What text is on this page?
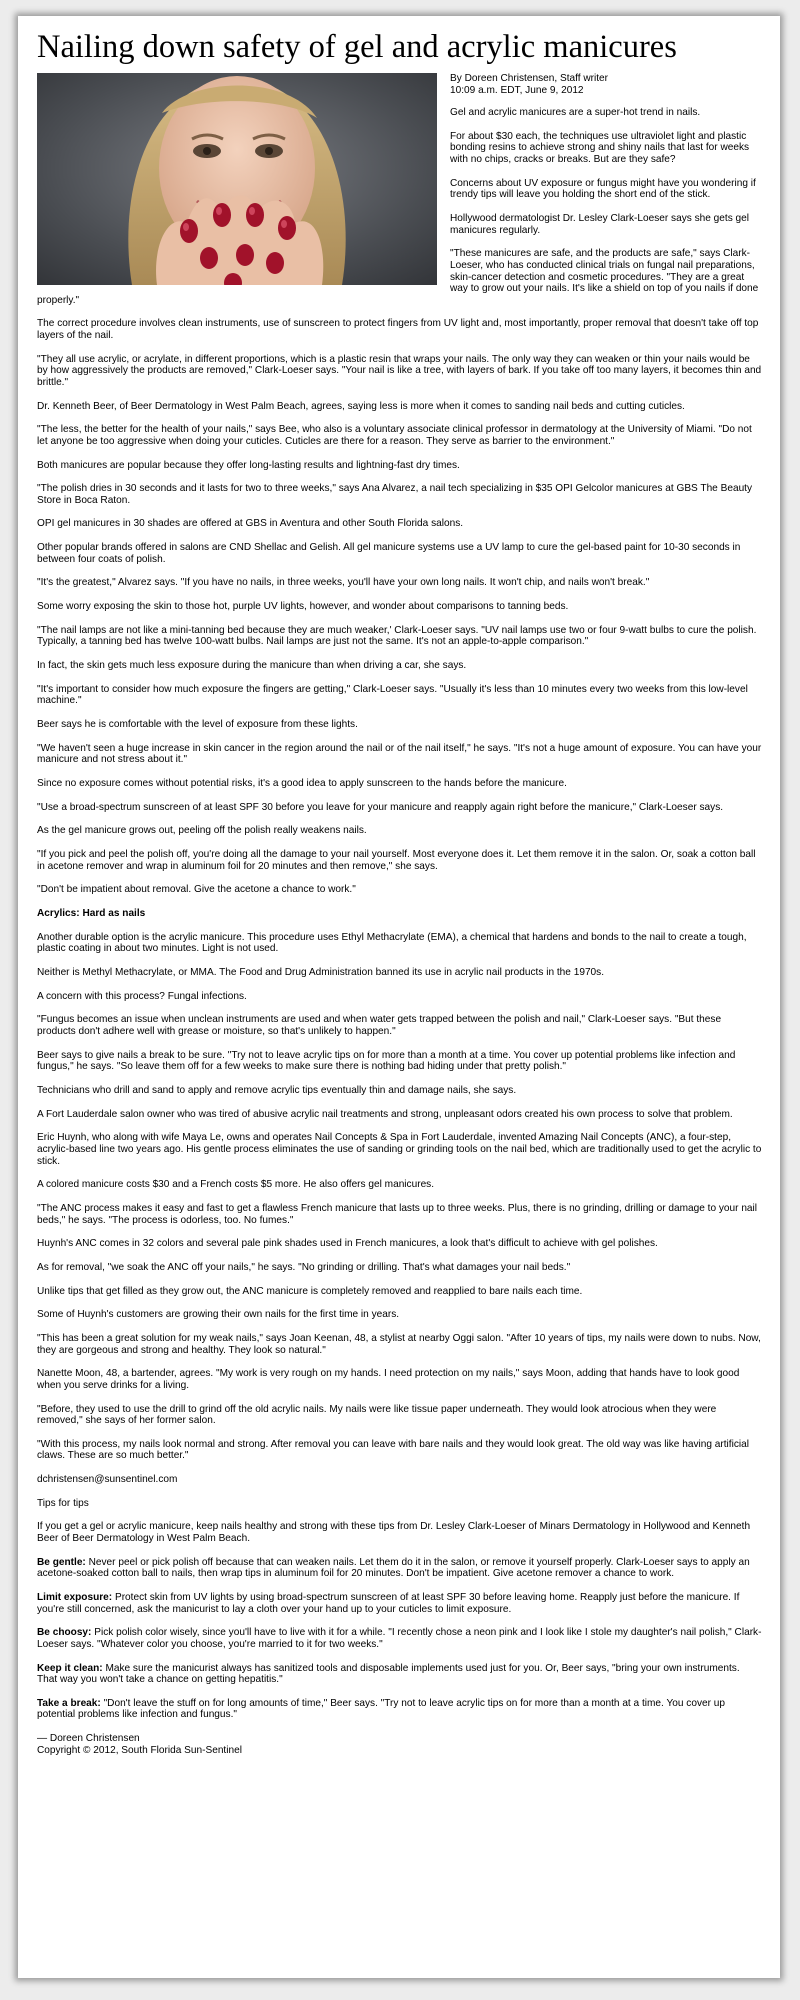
Nailing down safety of gel and acrylic manicures
By Doreen Christensen, Staff writer
10:09 a.m. EDT, June 9, 2012

Gel and acrylic manicures are a super-hot trend in nails.

For about $30 each, the techniques use ultraviolet light and plastic bonding resins to achieve strong and shiny nails that last for weeks with no chips, cracks or breaks. But are they safe?

Concerns about UV exposure or fungus might have you wondering if trendy tips will leave you holding the short end of the stick.

Hollywood dermatologist Dr. Lesley Clark-Loeser says she gets gel manicures regularly.

"These manicures are safe, and the products are safe," says Clark-Loeser, who has conducted clinical trials on fungal nail preparations, skin-cancer detection and cosmetic procedures. "They are a great way to grow out your nails. It's like a shield on top of you nails if done properly."

The correct procedure involves clean instruments, use of sunscreen to protect fingers from UV light and, most importantly, proper removal that doesn't take off top layers of the nail.

"They all use acrylic, or acrylate, in different proportions, which is a plastic resin that wraps your nails. The only way they can weaken or thin your nails would be by how aggressively the products are removed," Clark-Loeser says. "Your nail is like a tree, with layers of bark. If you take off too many layers, it becomes thin and brittle."

Dr. Kenneth Beer, of Beer Dermatology in West Palm Beach, agrees, saying less is more when it comes to sanding nail beds and cutting cuticles.

"The less, the better for the health of your nails," says Bee, who also is a voluntary associate clinical professor in dermatology at the University of Miami. "Do not let anyone be too aggressive when doing your cuticles. Cuticles are there for a reason. They serve as barrier to the environment."

Both manicures are popular because they offer long-lasting results and lightning-fast dry times.

"The polish dries in 30 seconds and it lasts for two to three weeks," says Ana Alvarez, a nail tech specializing in $35 OPI Gelcolor manicures at GBS The Beauty Store in Boca Raton.

OPI gel manicures in 30 shades are offered at GBS in Aventura and other South Florida salons.

Other popular brands offered in salons are CND Shellac and Gelish. All gel manicure systems use a UV lamp to cure the gel-based paint for 10-30 seconds in between four coats of polish.

"It's the greatest," Alvarez says. "If you have no nails, in three weeks, you'll have your own long nails. It won't chip, and nails won't break."

Some worry exposing the skin to those hot, purple UV lights, however, and wonder about comparisons to tanning beds.

"The nail lamps are not like a mini-tanning bed because they are much weaker,' Clark-Loeser says. "UV nail lamps use two or four 9-watt bulbs to cure the polish. Typically, a tanning bed has twelve 100-watt bulbs. Nail lamps are just not the same. It's not an apple-to-apple comparison."

In fact, the skin gets much less exposure during the manicure than when driving a car, she says.

"It's important to consider how much exposure the fingers are getting," Clark-Loeser says. "Usually it's less than 10 minutes every two weeks from this low-level machine."

Beer says he is comfortable with the level of exposure from these lights.

"We haven't seen a huge increase in skin cancer in the region around the nail or of the nail itself," he says. "It's not a huge amount of exposure. You can have your manicure and not stress about it."

Since no exposure comes without potential risks, it's a good idea to apply sunscreen to the hands before the manicure.

"Use a broad-spectrum sunscreen of at least SPF 30 before you leave for your manicure and reapply again right before the manicure," Clark-Loeser says.

As the gel manicure grows out, peeling off the polish really weakens nails.

"If you pick and peel the polish off, you're doing all the damage to your nail yourself. Most everyone does it. Let them remove it in the salon. Or, soak a cotton ball in acetone remover and wrap in aluminum foil for 20 minutes and then remove," she says.

"Don't be impatient about removal. Give the acetone a chance to work."

Acrylics: Hard as nails

Another durable option is the acrylic manicure. This procedure uses Ethyl Methacrylate (EMA), a chemical that hardens and bonds to the nail to create a tough, plastic coating in about two minutes. Light is not used.

Neither is Methyl Methacrylate, or MMA. The Food and Drug Administration banned its use in acrylic nail products in the 1970s.

A concern with this process? Fungal infections.

"Fungus becomes an issue when unclean instruments are used and when water gets trapped between the polish and nail," Clark-Loeser says. "But these products don't adhere well with grease or moisture, so that's unlikely to happen."

Beer says to give nails a break to be sure. "Try not to leave acrylic tips on for more than a month at a time. You cover up potential problems like infection and fungus," he says. "So leave them off for a few weeks to make sure there is nothing bad hiding under that pretty polish."

Technicians who drill and sand to apply and remove acrylic tips eventually thin and damage nails, she says.

A Fort Lauderdale salon owner who was tired of abusive acrylic nail treatments and strong, unpleasant odors created his own process to solve that problem.

Eric Huynh, who along with wife Maya Le, owns and operates Nail Concepts & Spa in Fort Lauderdale, invented Amazing Nail Concepts (ANC), a four-step, acrylic-based line two years ago. His gentle process eliminates the use of sanding or grinding tools on the nail bed, which are traditionally used to get the acrylic to stick.

A colored manicure costs $30 and a French costs $5 more. He also offers gel manicures.

"The ANC process makes it easy and fast to get a flawless French manicure that lasts up to three weeks. Plus, there is no grinding, drilling or damage to your nail beds," he says. "The process is odorless, too. No fumes."

Huynh's ANC comes in 32 colors and several pale pink shades used in French manicures, a look that's difficult to achieve with gel polishes.

As for removal, "we soak the ANC off your nails," he says. "No grinding or drilling. That's what damages your nail beds."

Unlike tips that get filled as they grow out, the ANC manicure is completely removed and reapplied to bare nails each time.

Some of Huynh's customers are growing their own nails for the first time in years.

"This has been a great solution for my weak nails," says Joan Keenan, 48, a stylist at nearby Oggi salon. "After 10 years of tips, my nails were down to nubs. Now, they are gorgeous and strong and healthy. They look so natural."

Nanette Moon, 48, a bartender, agrees. "My work is very rough on my hands. I need protection on my nails," says Moon, adding that hands have to look good when you serve drinks for a living.

"Before, they used to use the drill to grind off the old acrylic nails. My nails were like tissue paper underneath. They would look atrocious when they were removed," she says of her former salon.

"With this process, my nails look normal and strong. After removal you can leave with bare nails and they would look great. The old way was like having artificial claws. These are so much better."

dchristensen@sunsentinel.com

Tips for tips

If you get a gel or acrylic manicure, keep nails healthy and strong with these tips from Dr. Lesley Clark-Loeser of Minars Dermatology in Hollywood and Kenneth Beer of Beer Dermatology in West Palm Beach.

Be gentle: Never peel or pick polish off because that can weaken nails. Let them do it in the salon, or remove it yourself properly. Clark-Loeser says to apply an acetone-soaked cotton ball to nails, then wrap tips in aluminum foil for 20 minutes. Don't be impatient. Give acetone remover a chance to work.

Limit exposure: Protect skin from UV lights by using broad-spectrum sunscreen of at least SPF 30 before leaving home. Reapply just before the manicure. If you're still concerned, ask the manicurist to lay a cloth over your hand up to your cuticles to limit exposure.

Be choosy: Pick polish color wisely, since you'll have to live with it for a while. "I recently chose a neon pink and I look like I stole my daughter's nail polish," Clark-Loeser says. "Whatever color you choose, you're married to it for two weeks."

Keep it clean: Make sure the manicurist always has sanitized tools and disposable implements used just for you. Or, Beer says, "bring your own instruments. That way you won't take a chance on getting hepatitis."

Take a break: "Don't leave the stuff on for long amounts of time," Beer says. "Try not to leave acrylic tips on for more than a month at a time. You cover up potential problems like infection and fungus."

— Doreen Christensen
Copyright © 2012, South Florida Sun-Sentinel
